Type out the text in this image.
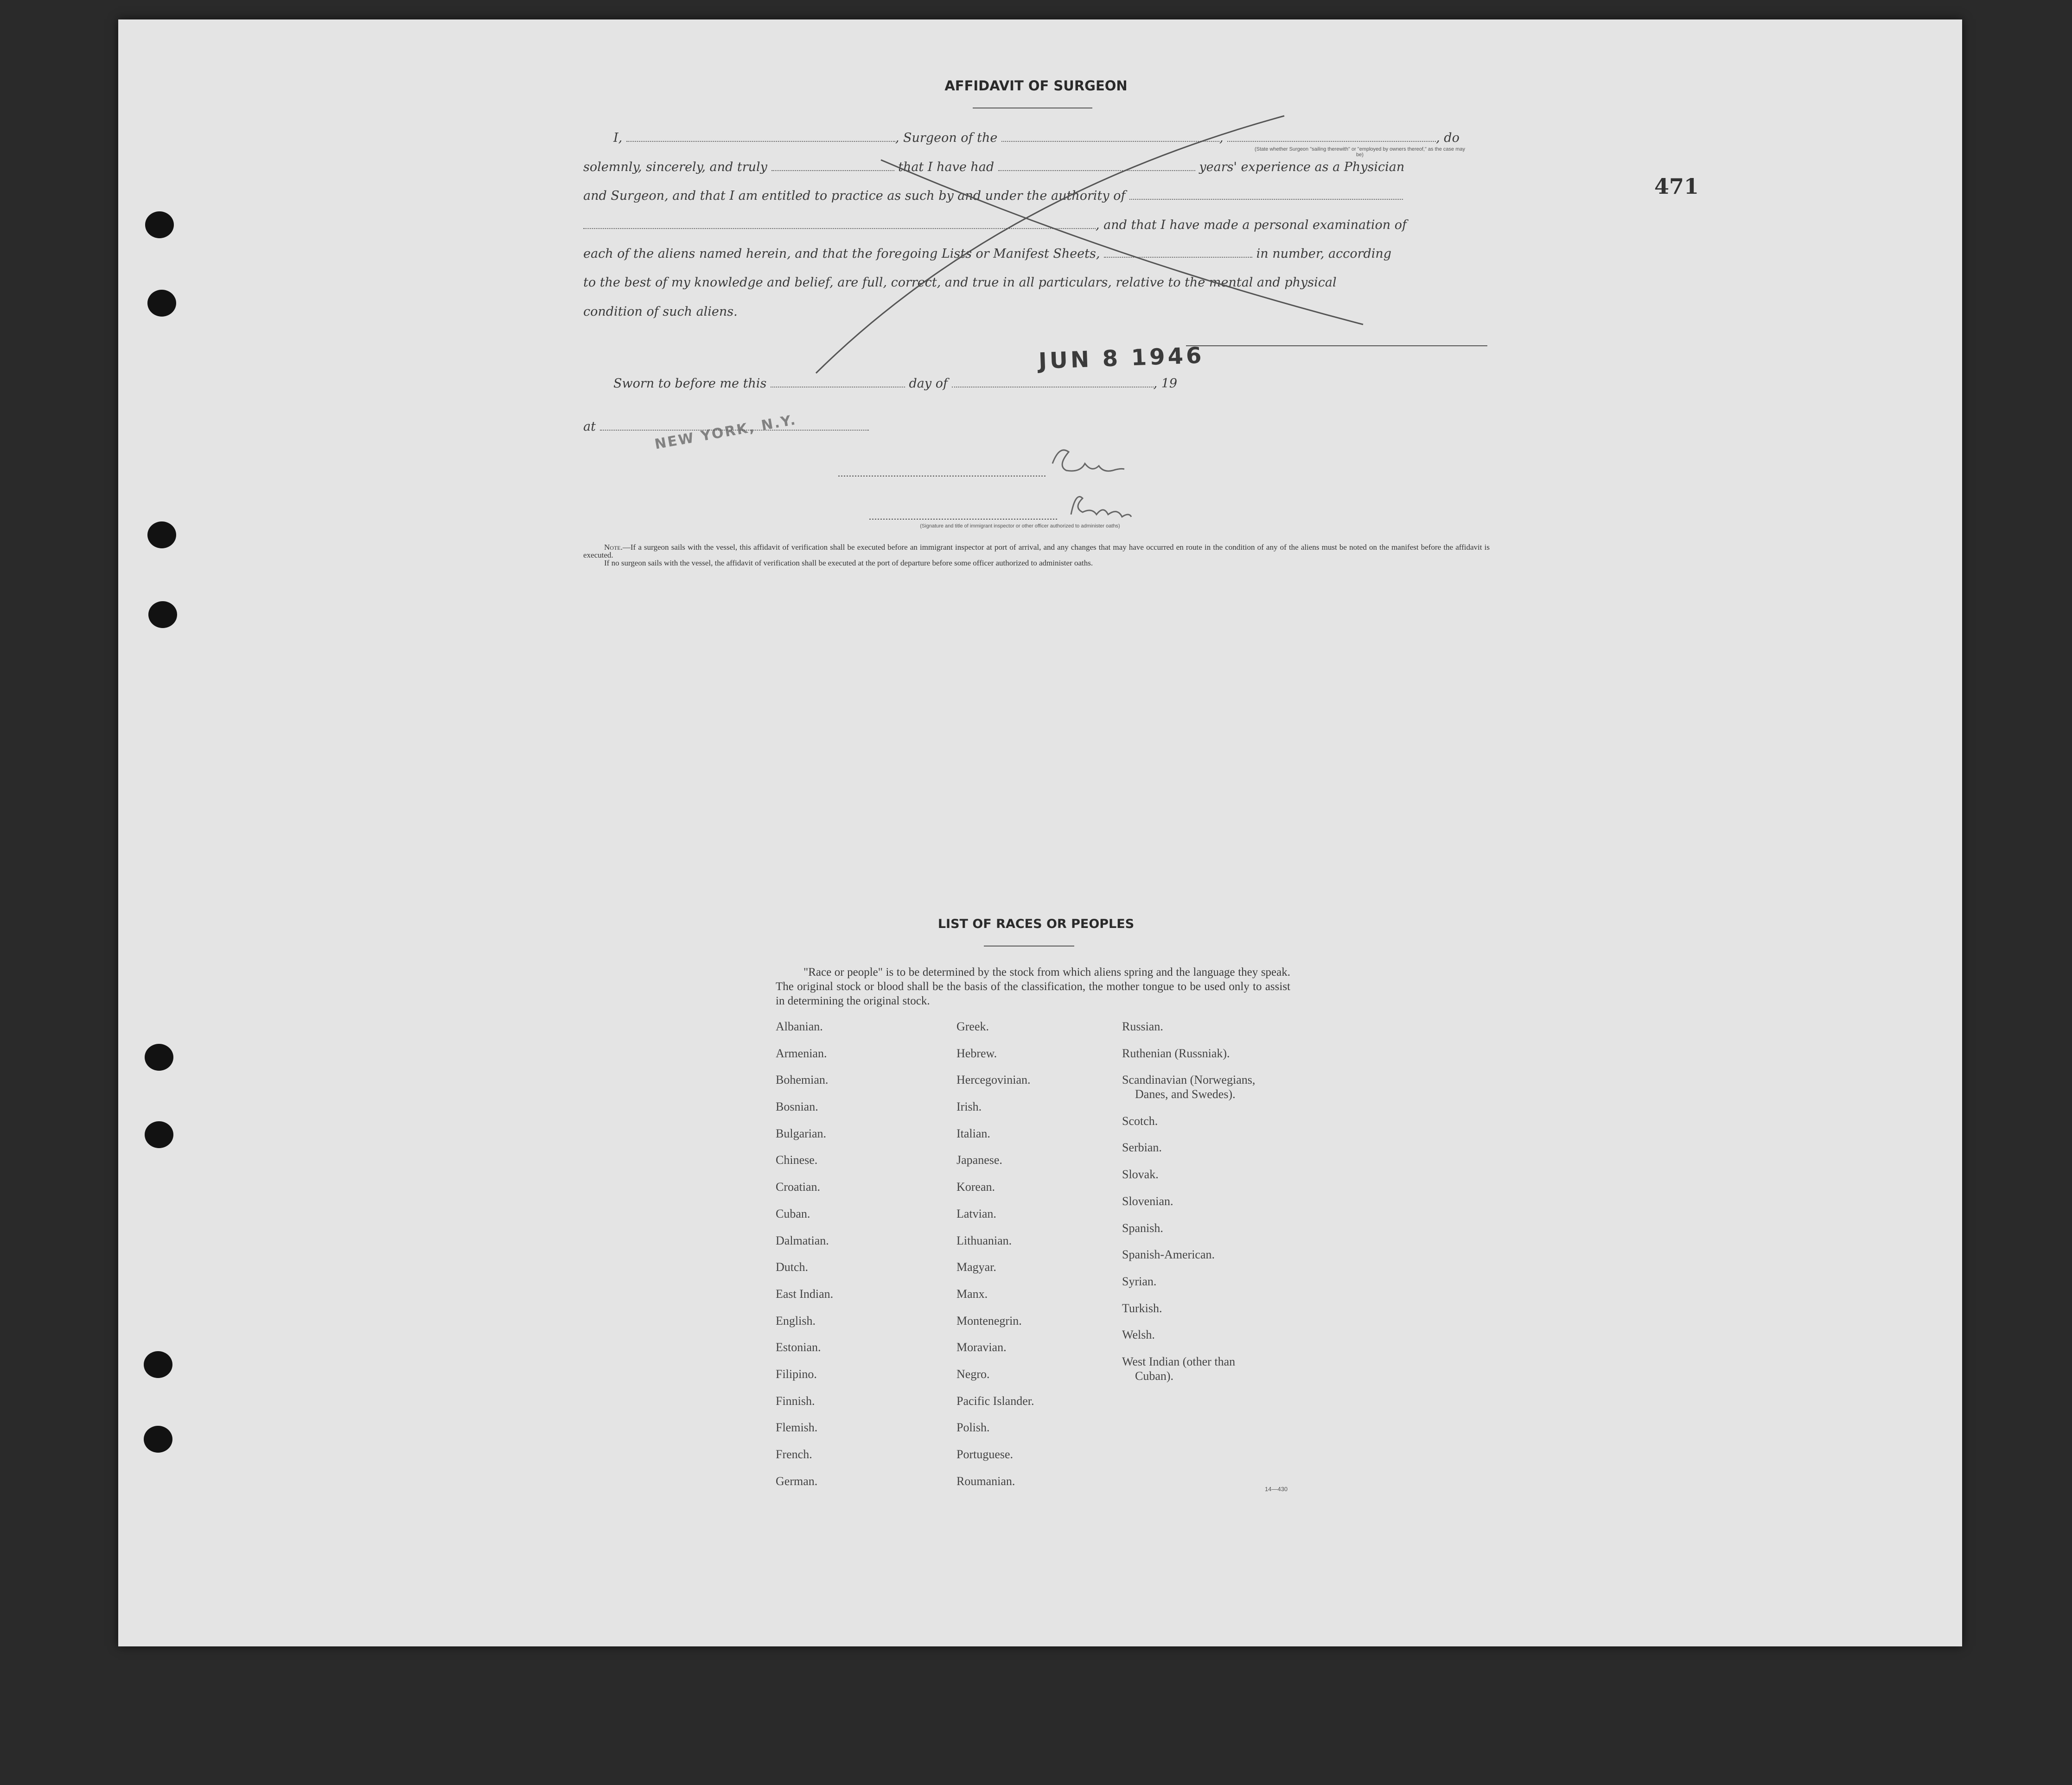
471
AFFIDAVIT OF SURGEON
I,	, Surgeon of the	,	, do
(State whether Surgeon "sailing therewith" or "employed by owners thereof," as the case may be)
solemnly, sincerely, and truly	that I have had	years' experience as a Physician
and Surgeon, and that I am entitled to practice as such by and under the authority of
, and that I have made a personal examination of
each of the aliens named herein, and that the foregoing Lists or Manifest Sheets,	in number, according
to the best of my knowledge and belief, are full, correct, and true in all particulars, relative to the mental and physical
condition of such aliens.
Sworn to before me this	day of	, 19
at
JUN 8 1946
NEW YORK, N.Y.
(Signature and title of immigrant inspector or other officer authorized to administer oaths)
Note.—If a surgeon sails with the vessel, this affidavit of verification shall be executed before an immigrant inspector at port of arrival, and any changes that may have occurred en route in the condition of any of the aliens must be noted on the manifest before the affidavit is executed.
If no surgeon sails with the vessel, the affidavit of verification shall be executed at the port of departure before some officer authorized to administer oaths.
LIST OF RACES OR PEOPLES
"Race or people" is to be determined by the stock from which aliens spring and the language they speak. The original stock or blood shall be the basis of the classification, the mother tongue to be used only to assist in determining the original stock.
Albanian.
Armenian.
Bohemian.
Bosnian.
Bulgarian.
Chinese.
Croatian.
Cuban.
Dalmatian.
Dutch.
East Indian.
English.
Estonian.
Filipino.
Finnish.
Flemish.
French.
German.
Greek.
Hebrew.
Hercegovinian.
Irish.
Italian.
Japanese.
Korean.
Latvian.
Lithuanian.
Magyar.
Manx.
Montenegrin.
Moravian.
Negro.
Pacific Islander.
Polish.
Portuguese.
Roumanian.
Russian.
Ruthenian (Russniak).
Scandinavian (Norwegians,
Danes, and Swedes).
Scotch.
Serbian.
Slovak.
Slovenian.
Spanish.
Spanish-American.
Syrian.
Turkish.
Welsh.
West Indian (other than
Cuban).
14—430
